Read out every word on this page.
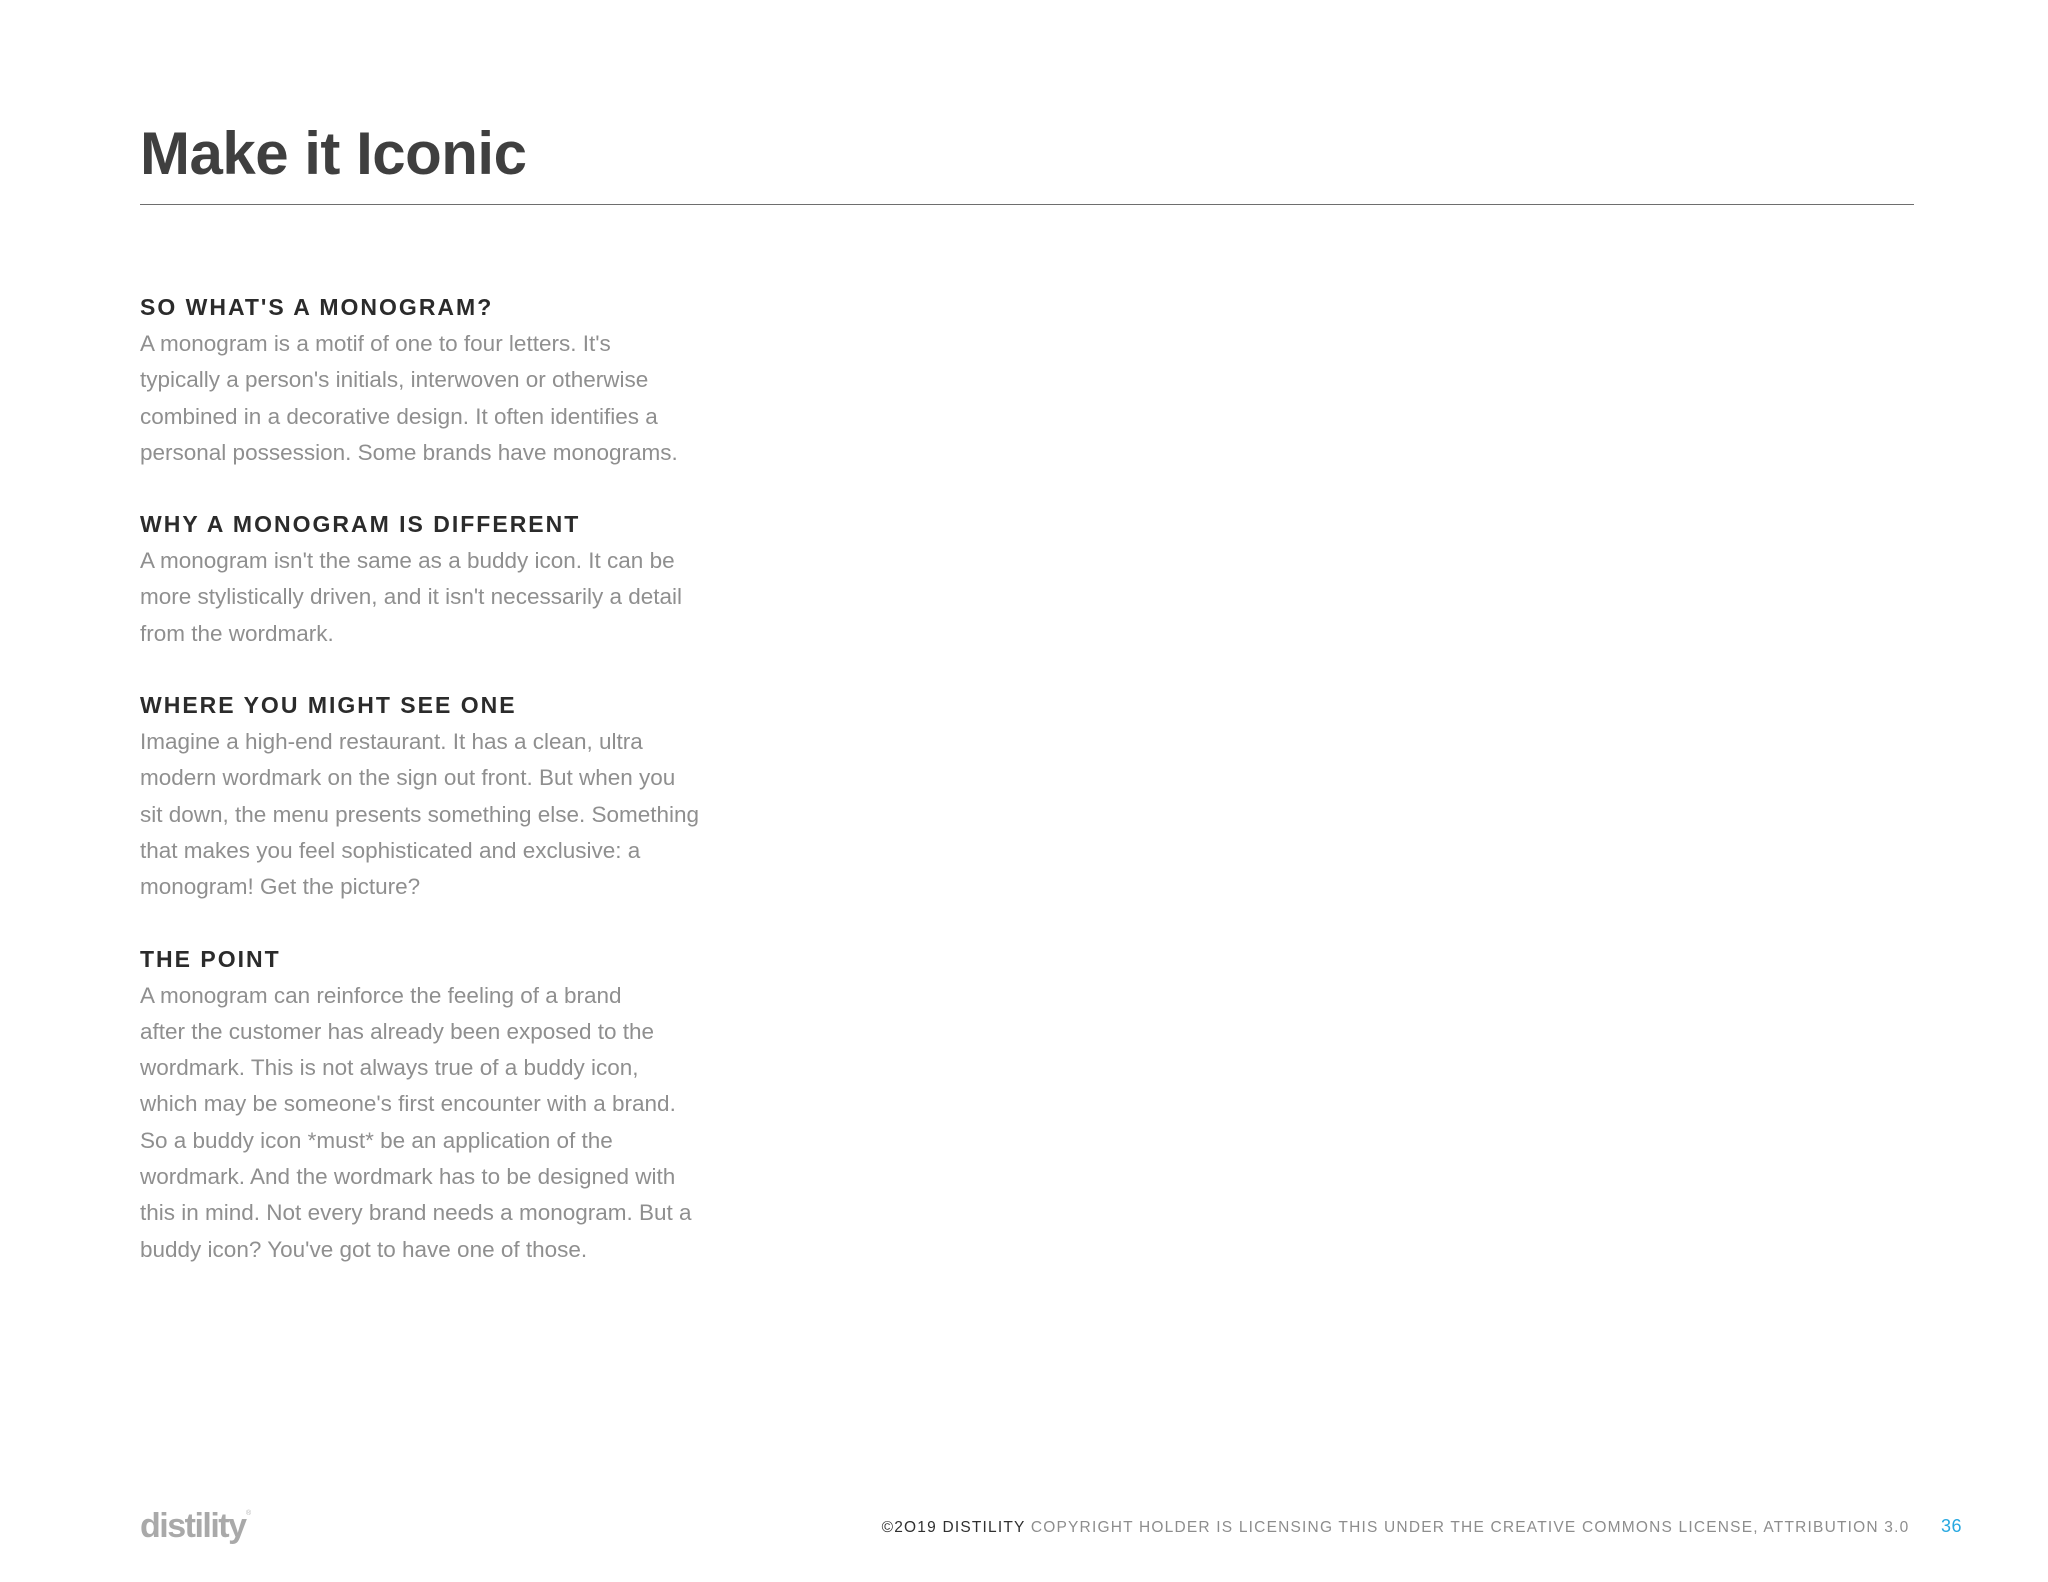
Make it Iconic
SO WHAT'S A MONOGRAM?

A monogram is a motif of one to four letters. It's
typically a person's initials, interwoven or otherwise
combined in a decorative design. It often identifies a
personal possession. Some brands have monograms.

WHY A MONOGRAM IS DIFFERENT

A monogram isn't the same as a buddy icon. It can be
more stylistically driven, and it isn't necessarily a detail
from the wordmark.

WHERE YOU MIGHT SEE ONE

Imagine a high-end restaurant. It has a clean, ultra
modern wordmark on the sign out front. But when you
sit down, the menu presents something else. Something
that makes you feel sophisticated and exclusive: a
monogram! Get the picture?

THE POINT

A monogram can reinforce the feeling of a brand
after the customer has already been exposed to the
wordmark. This is not always true of a buddy icon,
which may be someone's first encounter with a brand.
So a buddy icon *must* be an application of the
wordmark. And the wordmark has to be designed with
this in mind. Not every brand needs a monogram. But a
buddy icon? You've got to have one of those.

distility ®
©2O19 DISTILITY COPYRIGHT HOLDER IS LICENSING THIS UNDER THE CREATIVE COMMONS LICENSE, ATTRIBUTION 3.0 36
